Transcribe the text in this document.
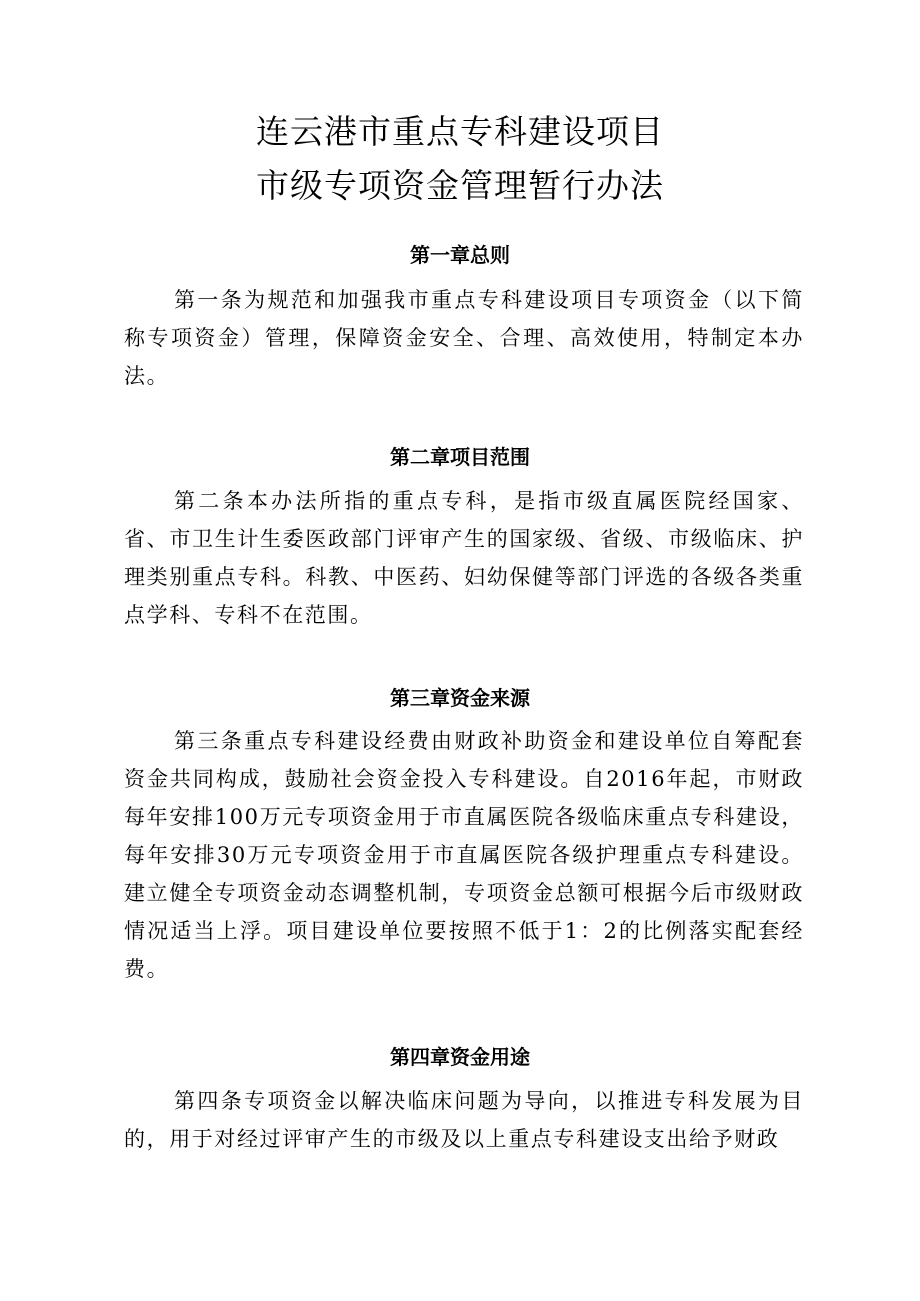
连云港市重点专科建设项目
市级专项资金管理暂行办法
第一章总则

第一条为规范和加强我市重点专科建设项目专项资金（以下简称专项资金）管理，保障资金安全、合理、高效使用，特制定本办法。

第二章项目范围

第二条本办法所指的重点专科，是指市级直属医院经国家、省、市卫生计生委医政部门评审产生的国家级、省级、市级临床、护理类别重点专科。科教、中医药、妇幼保健等部门评选的各级各类重点学科、专科不在范围。

第三章资金来源

第三条重点专科建设经费由财政补助资金和建设单位自筹配套资金共同构成，鼓励社会资金投入专科建设。自2016年起，市财政每年安排100万元专项资金用于市直属医院各级临床重点专科建设，每年安排30万元专项资金用于市直属医院各级护理重点专科建设。建立健全专项资金动态调整机制，专项资金总额可根据今后市级财政情况适当上浮。项目建设单位要按照不低于1：2的比例落实配套经费。

第四章资金用途

第四条专项资金以解决临床问题为导向，以推进专科发展为目的，用于对经过评审产生的市级及以上重点专科建设支出给予财政
